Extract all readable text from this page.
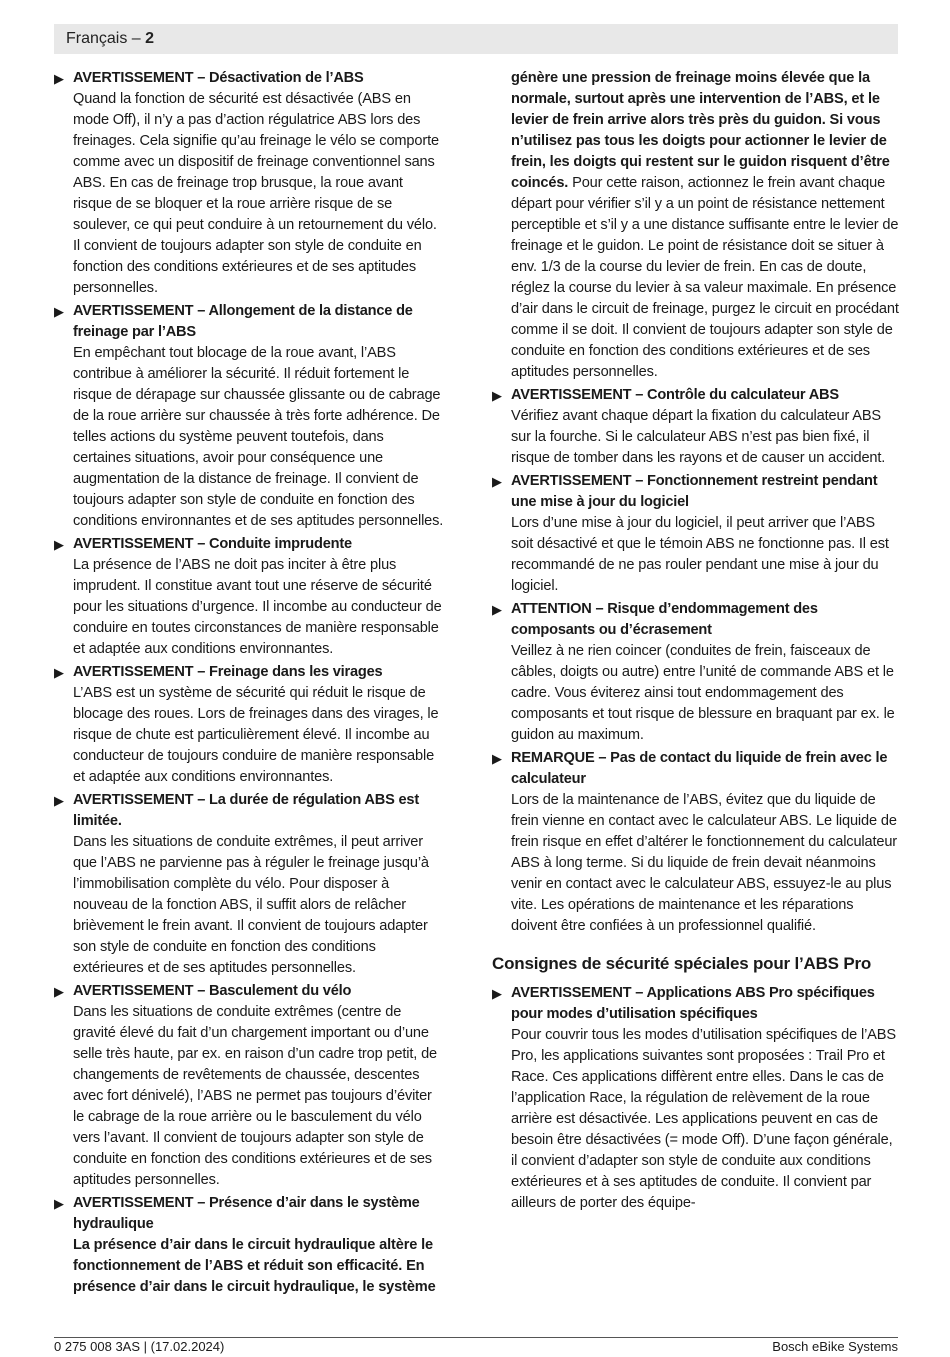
Français – 2
▶ AVERTISSEMENT – Désactivation de l’ABS
Quand la fonction de sécurité est désactivée (ABS en mode Off), il n’y a pas d’action régulatrice ABS lors des freinages. Cela signifie qu’au freinage le vélo se comporte comme avec un dispositif de freinage conventionnel sans ABS. En cas de freinage trop brusque, la roue avant risque de se bloquer et la roue arrière risque de se soulever, ce qui peut conduire à un retournement du vélo. Il convient de toujours adapter son style de conduite en fonction des conditions extérieures et de ses aptitudes personnelles.
▶ AVERTISSEMENT – Allongement de la distance de freinage par l’ABS
En empêchant tout blocage de la roue avant, l’ABS contribue à améliorer la sécurité. Il réduit fortement le risque de dérapage sur chaussée glissante ou de cabrage de la roue arrière sur chaussée à très forte adhérence. De telles actions du système peuvent toutefois, dans certaines situations, avoir pour conséquence une augmentation de la distance de freinage. Il convient de toujours adapter son style de conduite en fonction des conditions environnantes et de ses aptitudes personnelles.
▶ AVERTISSEMENT – Conduite imprudente
La présence de l’ABS ne doit pas inciter à être plus imprudent. Il constitue avant tout une réserve de sécurité pour les situations d’urgence. Il incombe au conducteur de conduire en toutes circonstances de manière responsable et adaptée aux conditions environnantes.
▶ AVERTISSEMENT – Freinage dans les virages
L’ABS est un système de sécurité qui réduit le risque de blocage des roues. Lors de freinages dans des virages, le risque de chute est particulièrement élevé. Il incombe au conducteur de toujours conduire de manière responsable et adaptée aux conditions environnantes.
▶ AVERTISSEMENT – La durée de régulation ABS est limitée.
Dans les situations de conduite extrêmes, il peut arriver que l’ABS ne parvienne pas à réguler le freinage jusqu’à l’immobilisation complète du vélo. Pour disposer à nouveau de la fonction ABS, il suffit alors de relâcher brièvement le frein avant. Il convient de toujours adapter son style de conduite en fonction des conditions extérieures et de ses aptitudes personnelles.
▶ AVERTISSEMENT – Basculement du vélo
Dans les situations de conduite extrêmes (centre de gravité élevé du fait d’un chargement important ou d’une selle très haute, par ex. en raison d’un cadre trop petit, de changements de revêtements de chaussée, descentes avec fort dénivelé), l’ABS ne permet pas toujours d’éviter le cabrage de la roue arrière ou le basculement du vélo vers l’avant. Il convient de toujours adapter son style de conduite en fonction des conditions extérieures et de ses aptitudes personnelles.
▶ AVERTISSEMENT – Présence d’air dans le système hydraulique
La présence d’air dans le circuit hydraulique altère le fonctionnement de l’ABS et réduit son efficacité. En présence d’air dans le circuit hydraulique, le système
génère une pression de freinage moins élevée que la normale, surtout après une intervention de l’ABS, et le levier de frein arrive alors très près du guidon. Si vous n’utilisez pas tous les doigts pour actionner le levier de frein, les doigts qui restent sur le guidon risquent d’être coincés. Pour cette raison, actionnez le frein avant chaque départ pour vérifier s’il y a un point de résistance nettement perceptible et s’il y a une distance suffisante entre le levier de freinage et le guidon. Le point de résistance doit se situer à env. 1/3 de la course du levier de frein. En cas de doute, réglez la course du levier à sa valeur maximale. En présence d’air dans le circuit de freinage, purgez le circuit en procédant comme il se doit. Il convient de toujours adapter son style de conduite en fonction des conditions extérieures et de ses aptitudes personnelles.
▶ AVERTISSEMENT – Contrôle du calculateur ABS
Vérifiez avant chaque départ la fixation du calculateur ABS sur la fourche. Si le calculateur ABS n’est pas bien fixé, il risque de tomber dans les rayons et de causer un accident.
▶ AVERTISSEMENT – Fonctionnement restreint pendant une mise à jour du logiciel
Lors d’une mise à jour du logiciel, il peut arriver que l’ABS soit désactivé et que le témoin ABS ne fonctionne pas. Il est recommandé de ne pas rouler pendant une mise à jour du logiciel.
▶ ATTENTION – Risque d’endommagement des composants ou d’écrasement
Veillez à ne rien coincer (conduites de frein, faisceaux de câbles, doigts ou autre) entre l’unité de commande ABS et le cadre. Vous éviterez ainsi tout endommagement des composants et tout risque de blessure en braquant par ex. le guidon au maximum.
▶ REMARQUE – Pas de contact du liquide de frein avec le calculateur
Lors de la maintenance de l’ABS, évitez que du liquide de frein vienne en contact avec le calculateur ABS. Le liquide de frein risque en effet d’altérer le fonctionnement du calculateur ABS à long terme. Si du liquide de frein devait néanmoins venir en contact avec le calculateur ABS, essuyez-le au plus vite. Les opérations de maintenance et les réparations doivent être confiées à un professionnel qualifié.
Consignes de sécurité spéciales pour l’ABS Pro
▶ AVERTISSEMENT – Applications ABS Pro spécifiques pour modes d’utilisation spécifiques
Pour couvrir tous les modes d’utilisation spécifiques de l’ABS Pro, les applications suivantes sont proposées : Trail Pro et Race. Ces applications diffèrent entre elles. Dans le cas de l’application Race, la régulation de relèvement de la roue arrière est désactivée. Les applications peuvent en cas de besoin être désactivées (= mode Off). D’une façon générale, il convient d’adapter son style de conduite aux conditions extérieures et à ses aptitudes de conduite. Il convient par ailleurs de porter des équipe-
0 275 008 3AS | (17.02.2024)	Bosch eBike Systems
